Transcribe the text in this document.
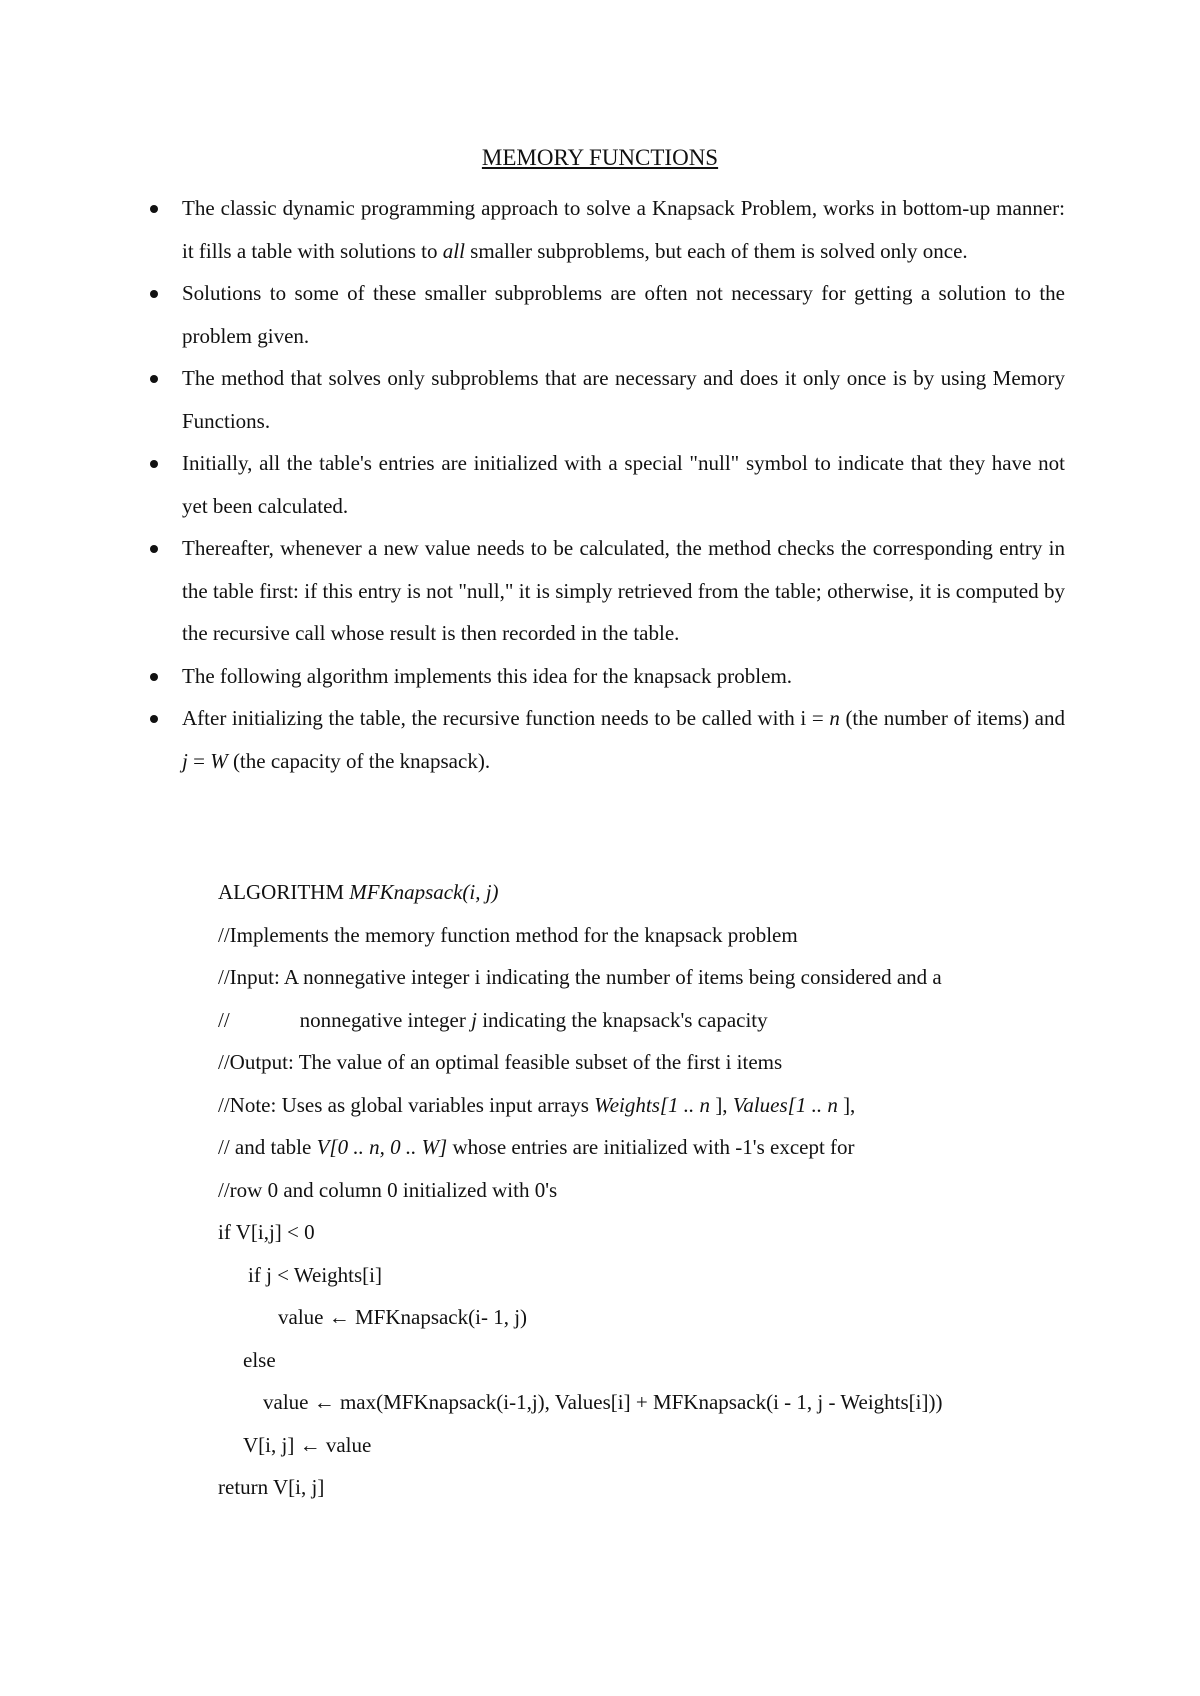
MEMORY FUNCTIONS
The classic dynamic programming approach to solve a Knapsack Problem, works in bottom-up manner: it fills a table with solutions to all smaller subproblems, but each of them is solved only once.
Solutions to some of these smaller subproblems are often not necessary for getting a solution to the problem given.
The method that solves only subproblems that are necessary and does it only once is by using Memory Functions.
Initially, all the table's entries are initialized with a special "null" symbol to indicate that they have not yet been calculated.
Thereafter, whenever a new value needs to be calculated, the method checks the corresponding entry in the table first: if this entry is not "null," it is simply retrieved from the table; otherwise, it is computed by the recursive call whose result is then recorded in the table.
The following algorithm implements this idea for the knapsack problem.
After initializing the table, the recursive function needs to be called with i = n (the number of items) and j = W (the capacity of the knapsack).
ALGORITHM MFKnapsack(i, j)
//Implements the memory function method for the knapsack problem
//Input: A nonnegative integer i indicating the number of items being considered and a
//	nonnegative integer j indicating the knapsack's capacity
//Output: The value of an optimal feasible subset of the first i items
//Note: Uses as global variables input arrays Weights[1 .. n ], Values[1 .. n ],
// and table V[0 .. n, 0 .. W] whose entries are initialized with -1's except for
//row 0 and column 0 initialized with 0's
if V[i,j] < 0
if j < Weights[i]
value ← MFKnapsack(i- 1, j)
else
value ← max(MFKnapsack(i-1,j), Values[i] + MFKnapsack(i - 1, j - Weights[i]))
V[i, j] ← value
return V[i, j]
